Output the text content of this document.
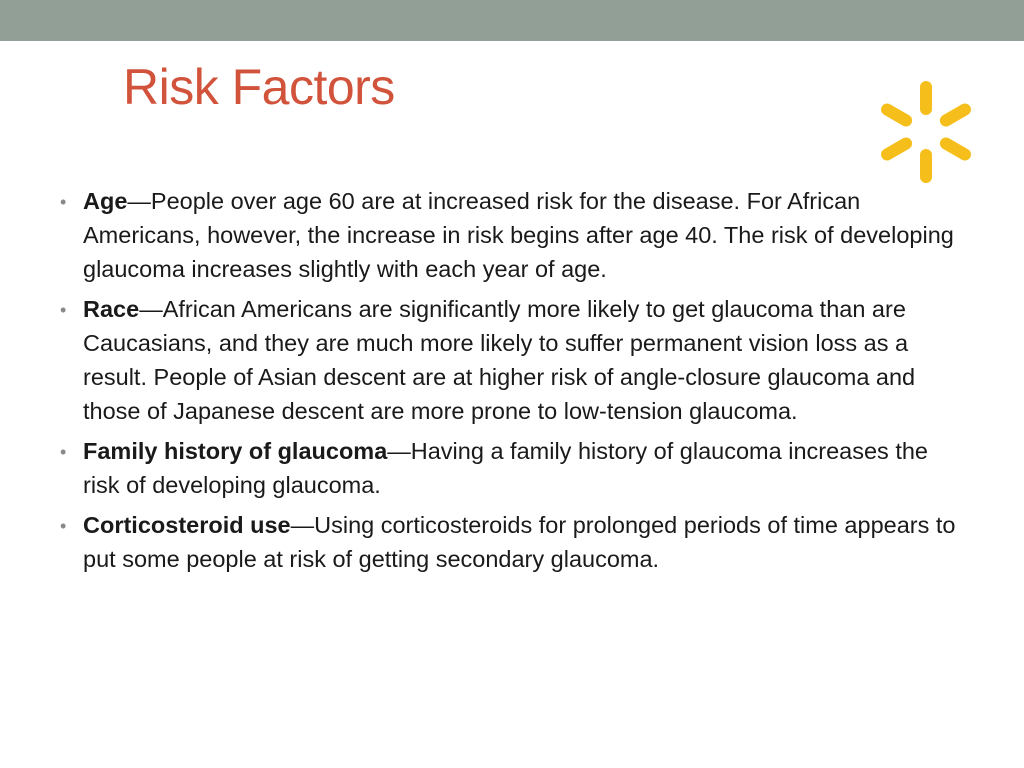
Risk Factors
• Age—People over age 60 are at increased risk for the disease. For African Americans, however, the increase in risk begins after age 40. The risk of developing glaucoma increases slightly with each year of age.
• Race—African Americans are significantly more likely to get glaucoma than are Caucasians, and they are much more likely to suffer permanent vision loss as a result. People of Asian descent are at higher risk of angle-closure glaucoma and those of Japanese descent are more prone to low-tension glaucoma.
• Family history of glaucoma—Having a family history of glaucoma increases the risk of developing glaucoma.
• Corticosteroid use—Using corticosteroids for prolonged periods of time appears to put some people at risk of getting secondary glaucoma.
